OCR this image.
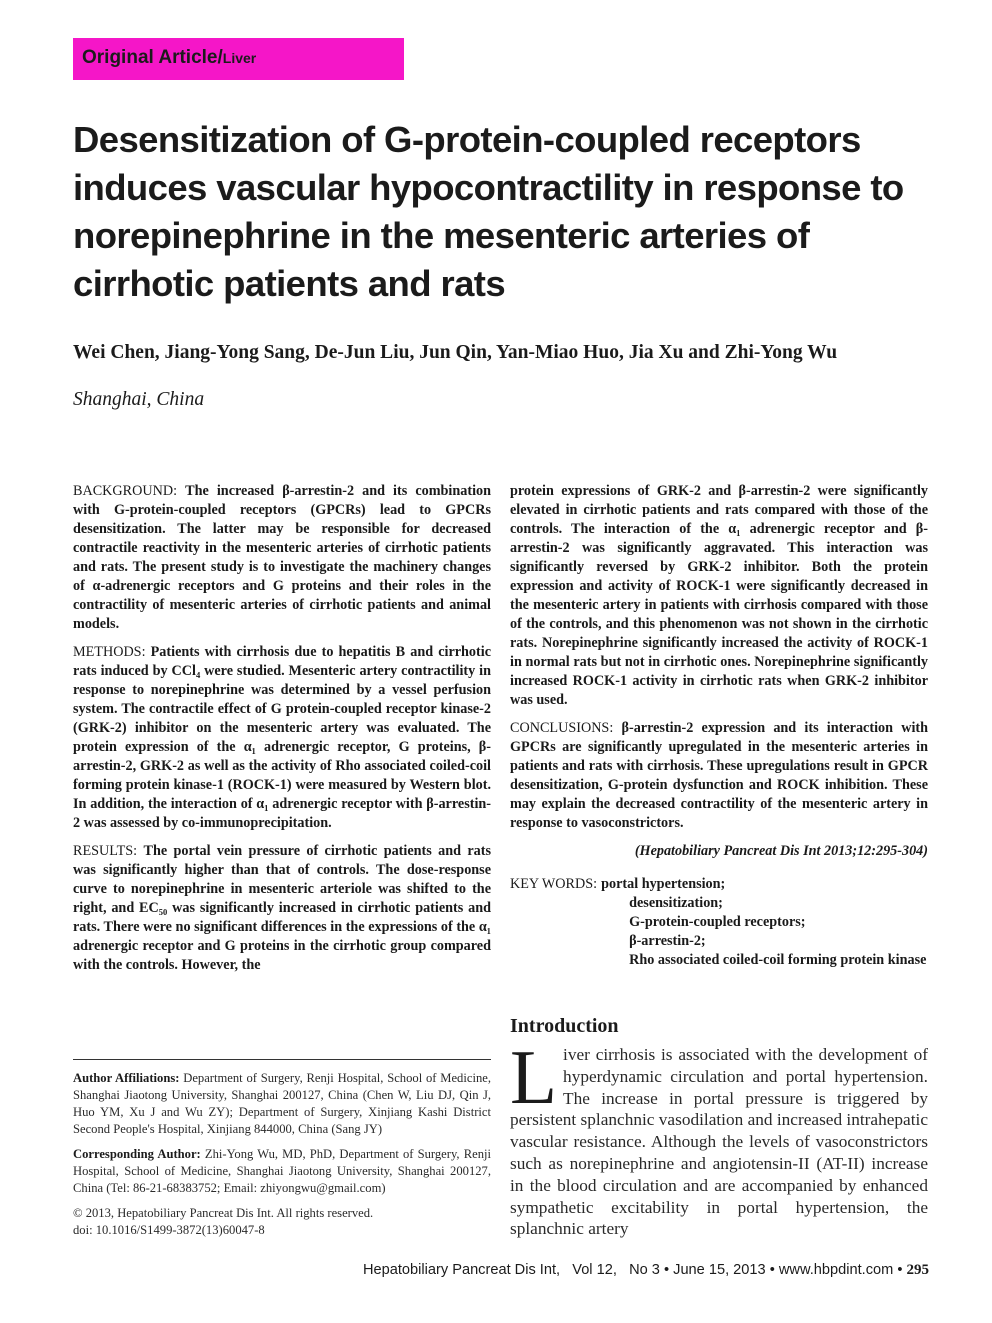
Original Article/Liver
Desensitization of G-protein-coupled receptors induces vascular hypocontractility in response to norepinephrine in the mesenteric arteries of cirrhotic patients and rats
Wei Chen, Jiang-Yong Sang, De-Jun Liu, Jun Qin, Yan-Miao Huo, Jia Xu and Zhi-Yong Wu
Shanghai, China

BACKGROUND: The increased β-arrestin-2 and its combination with G-protein-coupled receptors (GPCRs) lead to GPCRs desensitization. The latter may be responsible for decreased contractile reactivity in the mesenteric arteries of cirrhotic patients and rats. The present study is to investigate the machinery changes of α-adrenergic receptors and G proteins and their roles in the contractility of mesenteric arteries of cirrhotic patients and animal models.

METHODS: Patients with cirrhosis due to hepatitis B and cirrhotic rats induced by CCl₄ were studied. Mesenteric artery contractility in response to norepinephrine was determined by a vessel perfusion system. The contractile effect of G protein-coupled receptor kinase-2 (GRK-2) inhibitor on the mesenteric artery was evaluated. The protein expression of the α₁ adrenergic receptor, G proteins, β-arrestin-2, GRK-2 as well as the activity of Rho associated coiled-coil forming protein kinase-1 (ROCK-1) were measured by Western blot. In addition, the interaction of α₁ adrenergic receptor with β-arrestin-2 was assessed by co-immunoprecipitation.

RESULTS: The portal vein pressure of cirrhotic patients and rats was significantly higher than that of controls. The dose-response curve to norepinephrine in mesenteric arteriole was shifted to the right, and EC₅₀ was significantly increased in cirrhotic patients and rats. There were no significant differences in the expressions of the α₁ adrenergic receptor and G proteins in the cirrhotic group compared with the controls. However, the

protein expressions of GRK-2 and β-arrestin-2 were significantly elevated in cirrhotic patients and rats compared with those of the controls. The interaction of the α₁ adrenergic receptor and β-arrestin-2 was significantly aggravated. This interaction was significantly reversed by GRK-2 inhibitor. Both the protein expression and activity of ROCK-1 were significantly decreased in the mesenteric artery in patients with cirrhosis compared with those of the controls, and this phenomenon was not shown in the cirrhotic rats. Norepinephrine significantly increased the activity of ROCK-1 in normal rats but not in cirrhotic ones. Norepinephrine significantly increased ROCK-1 activity in cirrhotic rats when GRK-2 inhibitor was used.

CONCLUSIONS: β-arrestin-2 expression and its interaction with GPCRs are significantly upregulated in the mesenteric arteries in patients and rats with cirrhosis. These upregulations result in GPCR desensitization, G-protein dysfunction and ROCK inhibition. These may explain the decreased contractility of the mesenteric artery in response to vasoconstrictors.

(Hepatobiliary Pancreat Dis Int 2013;12:295-304)

KEY WORDS: portal hypertension;
desensitization;
G-protein-coupled receptors;
β-arrestin-2;
Rho associated coiled-coil forming protein kinase
Introduction
L iver cirrhosis is associated with the development of hyperdynamic circulation and portal hypertension. The increase in portal pressure is triggered by persistent splanchnic vasodilation and increased intrahepatic vascular resistance. Although the levels of vasoconstrictors such as norepinephrine and angiotensin-II (AT-II) increase in the blood circulation and are accompanied by enhanced sympathetic excitability in portal hypertension, the splanchnic artery

Author Affiliations: Department of Surgery, Renji Hospital, School of Medicine, Shanghai Jiaotong University, Shanghai 200127, China (Chen W, Liu DJ, Qin J, Huo YM, Xu J and Wu ZY); Department of Surgery, Xinjiang Kashi District Second People's Hospital, Xinjiang 844000, China (Sang JY)
Corresponding Author: Zhi-Yong Wu, MD, PhD, Department of Surgery, Renji Hospital, School of Medicine, Shanghai Jiaotong University, Shanghai 200127, China (Tel: 86-21-68383752; Email: zhiyongwu@gmail.com)
© 2013, Hepatobiliary Pancreat Dis Int. All rights reserved.
doi: 10.1016/S1499-3872(13)60047-8
Hepatobiliary Pancreat Dis Int, Vol 12, No 3 • June 15, 2013 • www.hbpdint.com • 295
